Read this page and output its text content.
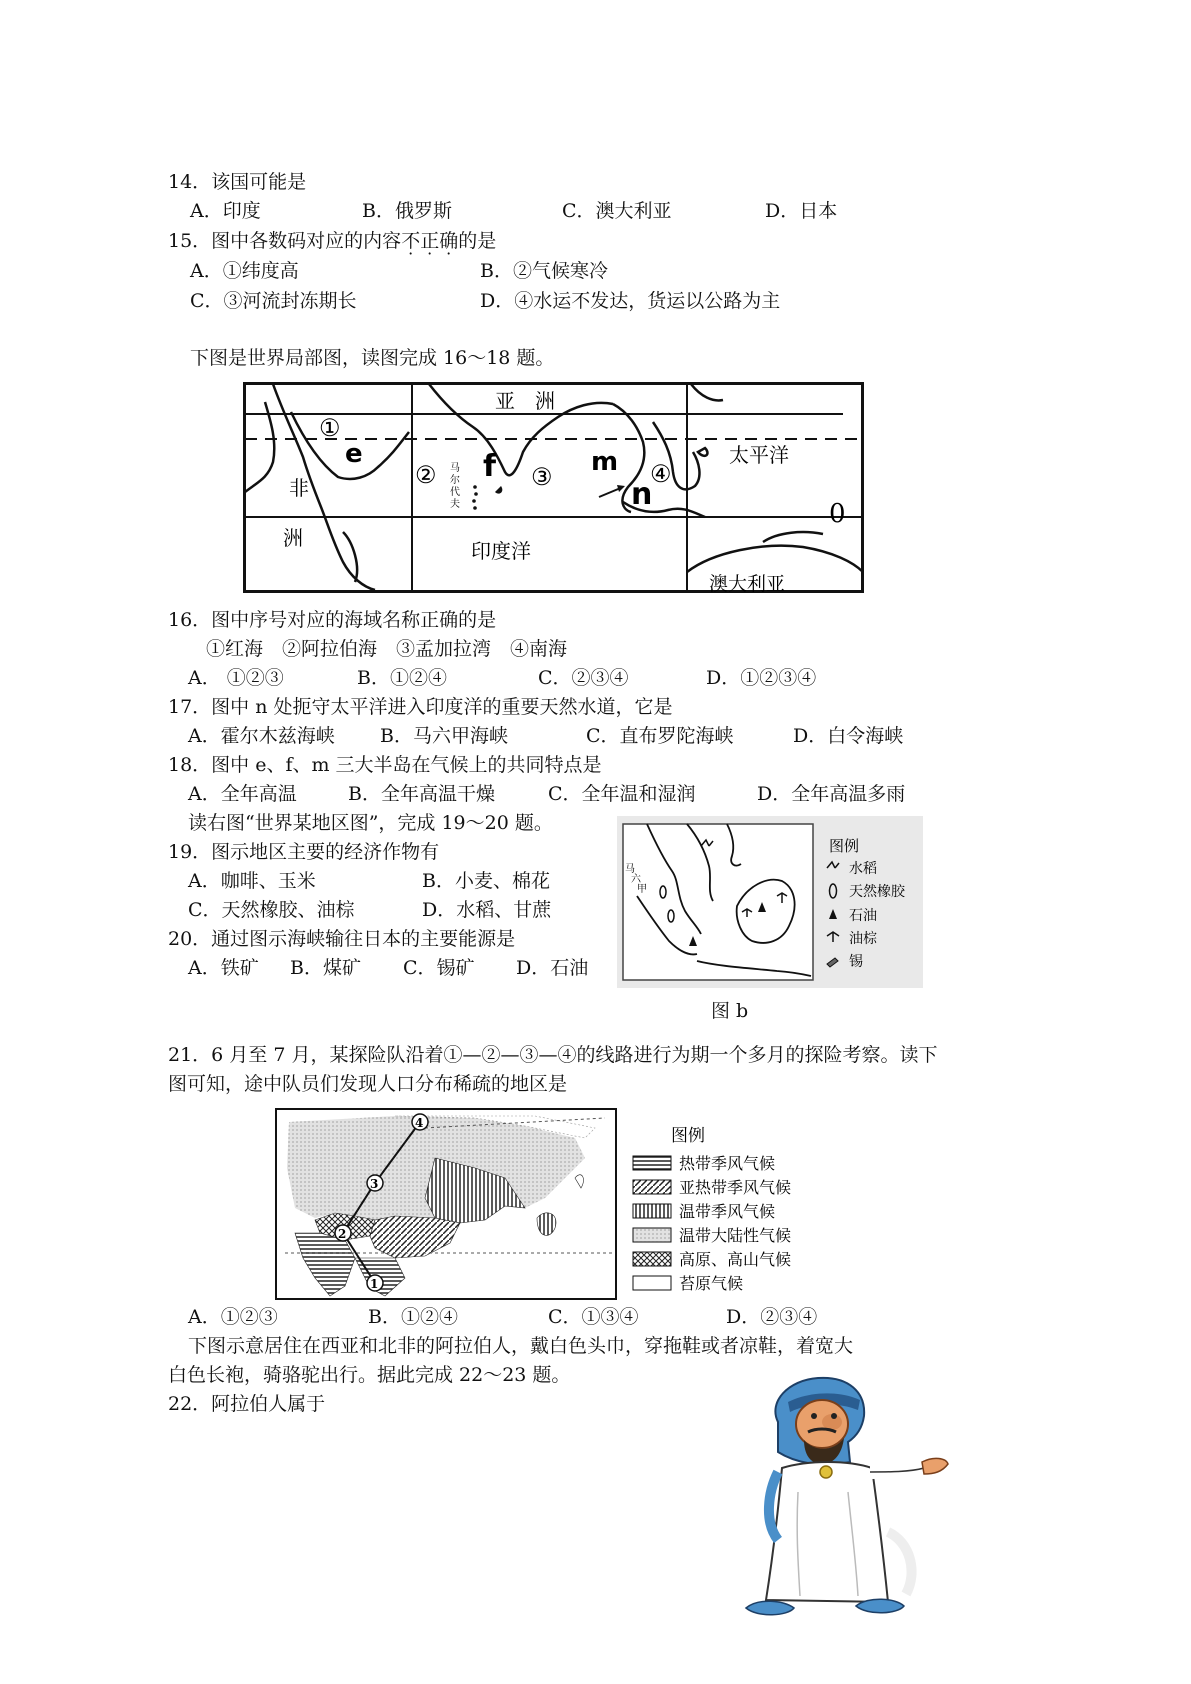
14．该国可能是
A．印度	B．俄罗斯	C．澳大利亚	D．日本
15．图中各数码对应的内容不正确的是
A．①纬度高	B．②气候寒冷
C．③河流封冻期长	D．④水运不发达，货运以公路为主
下图是世界局部图，读图完成 16～18 题。
亚　洲
非
洲
太平洋
印度洋
澳大利亚
马
尔
代
夫
①
②	③	④
e	f	m
n
0
16．图中序号对应的海域名称正确的是
①红海　②阿拉伯海　③孟加拉湾　④南海
A． ①②③	B．①②④	C．②③④	D．①②③④
17．图中 n 处扼守太平洋进入印度洋的重要天然水道，它是
A．霍尔木兹海峡 B．马六甲海峡	C．直布罗陀海峡	D．白令海峡
18．图中 e、f、m 三大半岛在气候上的共同特点是
A．全年高温	B．全年高温干燥	C．全年温和湿润	D．全年高温多雨
读右图“世界某地区图”，完成 19～20 题。
19．图示地区主要的经济作物有
A．咖啡、玉米	B．小麦、棉花
C．天然橡胶、油棕	D．水稻、甘蔗
20．通过图示海峡输往日本的主要能源是
A．铁矿 B．煤矿 C．锡矿 D．石油
马
六
甲
图例
水稻
天然橡胶
石油
油棕
锡
图 b
21．6 月至 7 月，某探险队沿着①—②—③—④的线路进行为期一个多月的探险考察。读下
图可知，途中队员们发现人口分布稀疏的地区是
1
2
3
4
图例
热带季风气候
亚热带季风气候
温带季风气候
温带大陆性气候
高原、高山气候
苔原气候
A．①②③	B．①②④	C．①③④	D．②③④
下图示意居住在西亚和北非的阿拉伯人，戴白色头巾，穿拖鞋或者凉鞋，着宽大
白色长袍，骑骆驼出行。据此完成 22～23 题。
22．阿拉伯人属于
